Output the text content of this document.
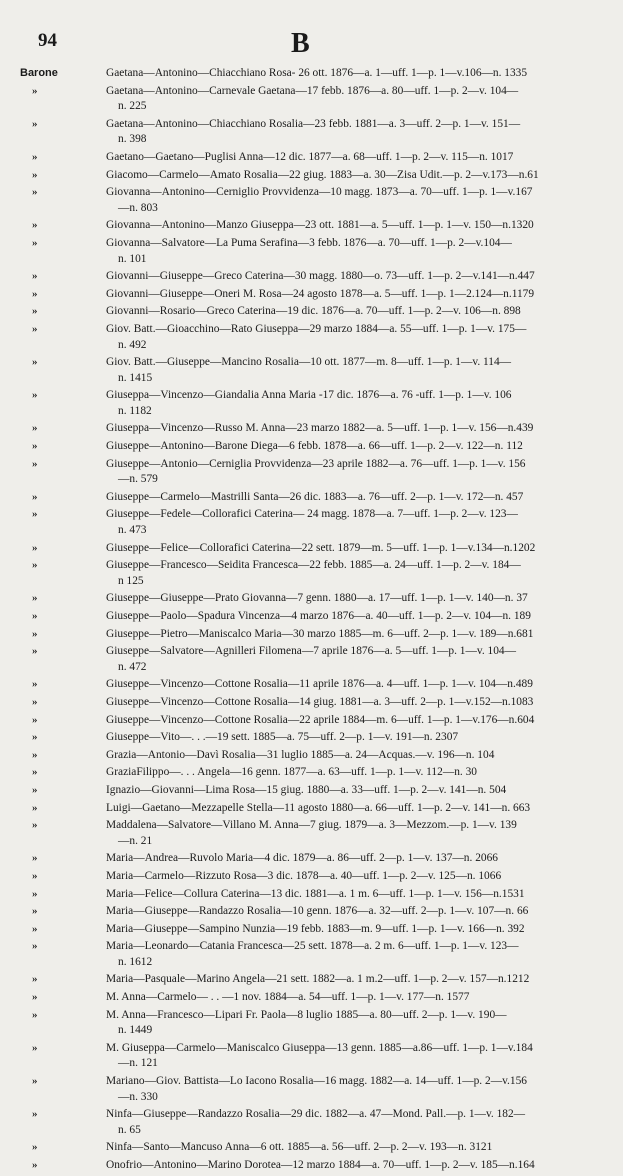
94	B
Barone	Gaetana—Antonino—Chiacchiano Rosa- 26 ott. 1876—a. 1—uff. 1—p. 1—v.106—n. 1335
»	Gaetana—Antonino—Carnevale Gaetana—17 febb. 1876—a. 80—uff. 1—p. 2—v. 104—
n. 225
»	Gaetana—Antonino—Chiacchiano Rosalia—23 febb. 1881—a. 3—uff. 2—p. 1—v. 151—
n. 398
»	Gaetano—Gaetano—Puglisi Anna—12 dic. 1877—a. 68—uff. 1—p. 2—v. 115—n. 1017
»	Giacomo—Carmelo—Amato Rosalia—22 giug. 1883—a. 30—Zisa Udit.—p. 2—v.173—n.61
»	Giovanna—Antonino—Cerniglio Provvidenza—10 magg. 1873—a. 70—uff. 1—p. 1—v.167
—n. 803
»	Giovanna—Antonino—Manzo Giuseppa—23 ott. 1881—a. 5—uff. 1—p. 1—v. 150—n.1320
»	Giovanna—Salvatore—La Puma Serafina—3 febb. 1876—a. 70—uff. 1—p. 2—v.104—
n. 101
»	Giovanni—Giuseppe—Greco Caterina—30 magg. 1880—o. 73—uff. 1—p. 2—v.141—n.447
»	Giovanni—Giuseppe—Oneri M. Rosa—24 agosto 1878—a. 5—uff. 1—p. 1—2.124—n.1179
»	Giovanni—Rosario—Greco Caterina—19 dic. 1876—a. 70—uff. 1—p. 2—v. 106—n. 898
»	Giov. Batt.—Gioacchino—Rato Giuseppa—29 marzo 1884—a. 55—uff. 1—p. 1—v. 175—
n. 492
»	Giov. Batt.—Giuseppe—Mancino Rosalia—10 ott. 1877—m. 8—uff. 1—p. 1—v. 114—
n. 1415
»	Giuseppa—Vincenzo—Giandalia Anna Maria -17 dic. 1876—a. 76 -uff. 1—p. 1—v. 106
n. 1182
»	Giuseppa—Vincenzo—Russo M. Anna—23 marzo 1882—a. 5—uff. 1—p. 1—v. 156—n.439
»	Giuseppe—Antonino—Barone Diega—6 febb. 1878—a. 66—uff. 1—p. 2—v. 122—n. 112
»	Giuseppe—Antonio—Cerniglia Provvidenza—23 aprile 1882—a. 76—uff. 1—p. 1—v. 156
—n. 579
»	Giuseppe—Carmelo—Mastrilli Santa—26 dic. 1883—a. 76—uff. 2—p. 1—v. 172—n. 457
»	Giuseppe—Fedele—Collorafici Caterina— 24 magg. 1878—a. 7—uff. 1—p. 2—v. 123—
n. 473
»	Giuseppe—Felice—Collorafici Caterina—22 sett. 1879—m. 5—uff. 1—p. 1—v.134—n.1202
»	Giuseppe—Francesco—Seidita Francesca—22 febb. 1885—a. 24—uff. 1—p. 2—v. 184—
n 125
»	Giuseppe—Giuseppe—Prato Giovanna—7 genn. 1880—a. 17—uff. 1—p. 1—v. 140—n. 37
»	Giuseppe—Paolo—Spadura Vincenza—4 marzo 1876—a. 40—uff. 1—p. 2—v. 104—n. 189
»	Giuseppe—Pietro—Maniscalco Maria—30 marzo 1885—m. 6—uff. 2—p. 1—v. 189—n.681
»	Giuseppe—Salvatore—Agnilleri Filomena—7 aprile 1876—a. 5—uff. 1—p. 1—v. 104—
n. 472
»	Giuseppe—Vincenzo—Cottone Rosalia—11 aprile 1876—a. 4—uff. 1—p. 1—v. 104—n.489
»	Giuseppe—Vincenzo—Cottone Rosalia—14 giug. 1881—a. 3—uff. 2—p. 1—v.152—n.1083
»	Giuseppe—Vincenzo—Cottone Rosalia—22 aprile 1884—m. 6—uff. 1—p. 1—v.176—n.604
»	Giuseppe—Vito—. . .—19 sett. 1885—a. 75—uff. 2—p. 1—v. 191—n. 2307
»	Grazia—Antonio—Davì Rosalia—31 luglio 1885—a. 24—Acquas.—v. 196—n. 104
»	GraziaFilippo—. . . Angela—16 genn. 1877—a. 63—uff. 1—p. 1—v. 112—n. 30
»	Ignazio—Giovanni—Lima Rosa—15 giug. 1880—a. 33—uff. 1—p. 2—v. 141—n. 504
»	Luigi—Gaetano—Mezzapelle Stella—11 agosto 1880—a. 66—uff. 1—p. 2—v. 141—n. 663
»	Maddalena—Salvatore—Villano M. Anna—7 giug. 1879—a. 3—Mezzom.—p. 1—v. 139
—n. 21
»	Maria—Andrea—Ruvolo Maria—4 dic. 1879—a. 86—uff. 2—p. 1—v. 137—n. 2066
»	Maria—Carmelo—Rizzuto Rosa—3 dic. 1878—a. 40—uff. 1—p. 2—v. 125—n. 1066
»	Maria—Felice—Collura Caterina—13 dic. 1881—a. 1 m. 6—uff. 1—p. 1—v. 156—n.1531
»	Maria—Giuseppe—Randazzo Rosalia—10 genn. 1876—a. 32—uff. 2—p. 1—v. 107—n. 66
»	Maria—Giuseppe—Sampino Nunzia—19 febb. 1883—m. 9—uff. 1—p. 1—v. 166—n. 392
»	Maria—Leonardo—Catania Francesca—25 sett. 1878—a. 2 m. 6—uff. 1—p. 1—v. 123—
n. 1612
»	Maria—Pasquale—Marino Angela—21 sett. 1882—a. 1 m.2—uff. 1—p. 2—v. 157—n.1212
»	M. Anna—Carmelo— . . —1 nov. 1884—a. 54—uff. 1—p. 1—v. 177—n. 1577
»	M. Anna—Francesco—Lipari Fr. Paola—8 luglio 1885—a. 80—uff. 2—p. 1—v. 190—
n. 1449
»	M. Giuseppa—Carmelo—Maniscalco Giuseppa—13 genn. 1885—a.86—uff. 1—p. 1—v.184
—n. 121
»	Mariano—Giov. Battista—Lo Iacono Rosalia—16 magg. 1882—a. 14—uff. 1—p. 2—v.156
—n. 330
»	Ninfa—Giuseppe—Randazzo Rosalia—29 dic. 1882—a. 47—Mond. Pall.—p. 1—v. 182—
n. 65
»	Ninfa—Santo—Mancuso Anna—6 ott. 1885—a. 56—uff. 2—p. 2—v. 193—n. 3121
»	Onofrio—Antonino—Marino Dorotea—12 marzo 1884—a. 70—uff. 1—p. 2—v. 185—n.164
